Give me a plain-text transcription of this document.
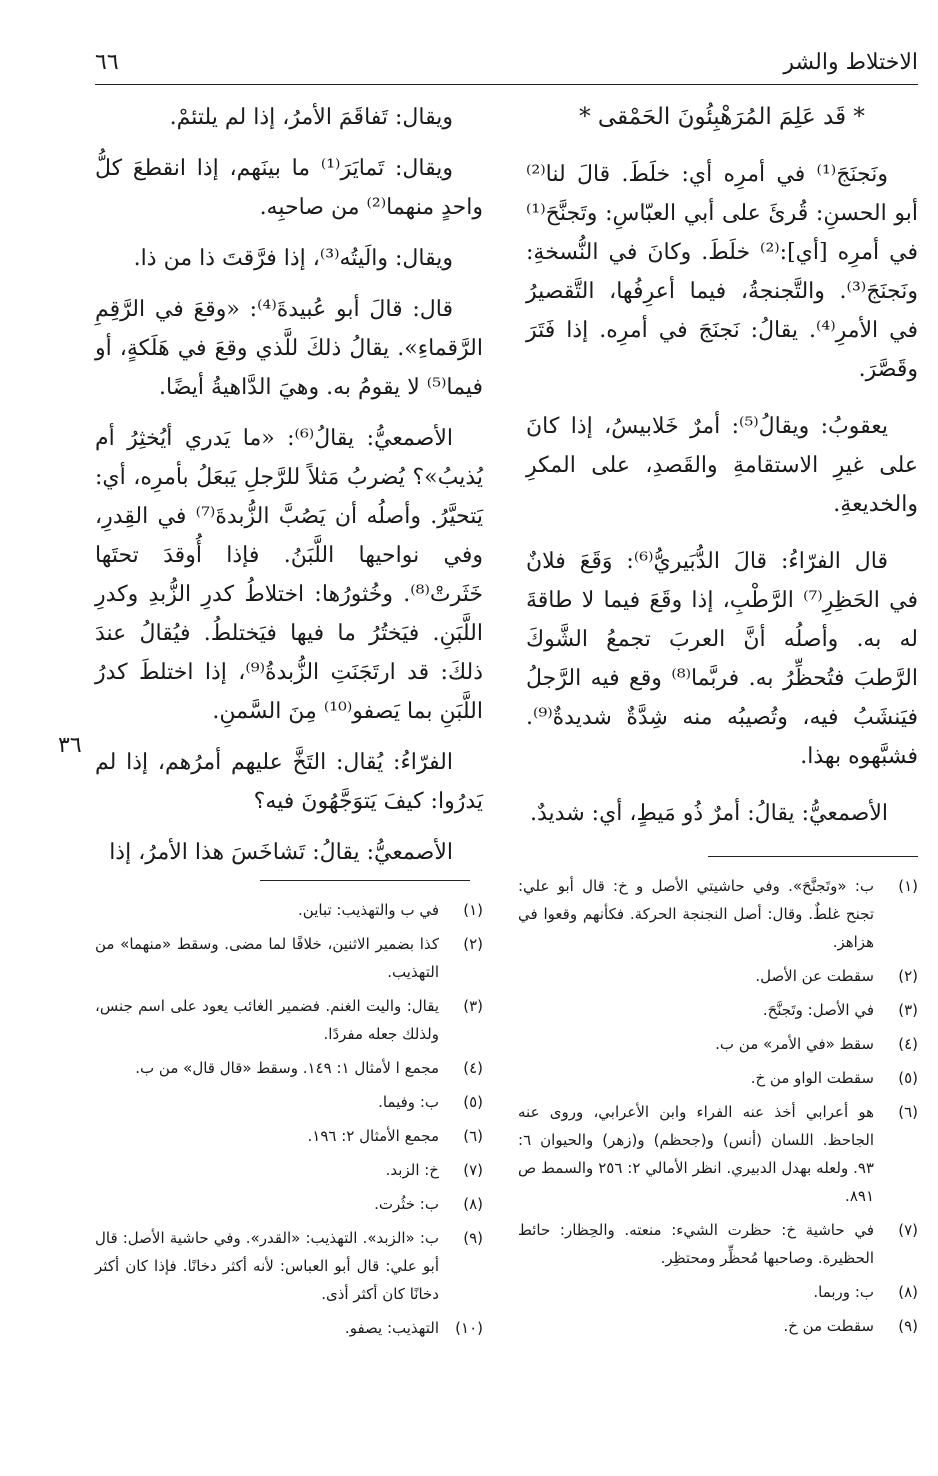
الاختلاط والشر
٦٦

* قَد عَلِمَ المُرَهْبِئُونَ الحَمْقى *

ونَجنَجَ⁽¹⁾ في أمرِه أي: خلَطَ. قالَ لنا⁽²⁾ أبو الحسنِ: قُرئَ على أبي العبّاسِ: وتَجنَّحَ⁽¹⁾ في أمرِه [أي]:⁽²⁾ خلَطَ. وكانَ في النُّسخةِ: ونَجنَجَ⁽³⁾. والتَّجنجةُ، فيما أعرِفُها، التَّقصيرُ في الأمرِ⁽⁴⁾. يقالُ: نَجنَجَ في أمرِه. إذا فَتَرَ وقَصَّرَ.

يعقوبُ: ويقالُ⁽⁵⁾: أمرٌ خَلابيسُ، إذا كانَ على غيرِ الاستقامةِ والقَصدِ، على المكرِ والخديعةِ.

قال الفرّاءُ: قالَ الدُّبَيريُّ⁽⁶⁾: وَقَعَ فلانٌ في الحَظِرِ⁽⁷⁾ الرَّطْبِ، إذا وقَعَ فيما لا طاقةَ له به. وأصلُه أنَّ العربَ تجمعُ الشَّوكَ الرَّطبَ فتُحظِّرُ به. فربَّما⁽⁸⁾ وقع فيه الرَّجلُ فيَنشَبُ فيه، وتُصيبُه منه شِدَّةٌ شديدةٌ⁽⁹⁾. فشبَّهوه بهذا.

الأصمعيُّ: يقالُ: أمرٌ ذُو مَيطٍ، أي: شديدٌ.

ويقال: تَفاقَمَ الأمرُ، إذا لم يلتئمْ.

ويقال: تَمايَرَ⁽¹⁾ ما بينَهم، إذا انقطعَ كلُّ واحدٍ منهما⁽²⁾ من صاحبِه.

ويقال: والَيتُه⁽³⁾، إذا فرَّقتَ ذا من ذا.

قال: قالَ أبو عُبيدةَ⁽⁴⁾: «وقعَ في الرَّقِمِ الرَّقماءِ». يقالُ ذلكَ للَّذي وقعَ في هَلَكةٍ، أو فيما⁽⁵⁾ لا يقومُ به. وهيَ الدَّاهيةُ أيضًا.

الأصمعيُّ: يقالُ⁽⁶⁾: «ما يَدري أيُخثِرُ أم يُذيبُ»؟ يُضربُ مَثلاً للرَّجلِ يَبعَلُ بأمرِه، أي: يَتحيَّرُ. وأصلُه أن يَصُبَّ الزُّبدةَ⁽⁷⁾ في القِدرِ، وفي نواحيها اللَّبَنُ. فإذا أُوقدَ تحتَها خَثَرتْ⁽⁸⁾. وخُثورُها: اختلاطُ كدرِ الزُّبدِ وكدرِ اللَّبَنِ. فيَختُرُ ما فيها فيَختلطُ. فيُقالُ عندَ ذلكَ: قد ارتَجَنَتِ الزُّبدةُ⁽⁹⁾، إذا اختلطَ كدرُ اللَّبَنِ بما يَصفو⁽¹⁰⁾ مِنَ السَّمنِ.

الفرّاءُ: يُقال: التَخَّ عليهم أمرُهم، إذا لم يَدرُوا: كيفَ يَتوَجَّهُونَ فيه؟

الأصمعيُّ: يقالُ: تَشاخَسَ هذا الأمرُ، إذا

٣٦
(١)
ب: «وتَجنَّحَ». وفي حاشيتي الأصل و خ: قال أبو علي: تجنح غلطٌ. وقال: أصل النجنجة الحركة. فكأنهم وقعوا في هزاهز.
(٢)
سقطت عن الأصل.
(٣)
في الأصل: وتَجنَّحَ.
(٤)
سقط «في الأمر» من ب.
(٥)
سقطت الواو من خ.
(٦)
هو أعرابي أخذ عنه الفراء وابن الأعرابي، وروى عنه الجاحظ. اللسان (أنس) و(جحظم) و(زهر) والحيوان ٦: ٩٣. ولعله بهدل الدبيري. انظر الأمالي ٢: ٢٥٦ والسمط ص ٨٩١.
(٧)
في حاشية خ: حظرت الشيء: منعته. والحِظار: حائط الحظيرة. وصاحبها مُحظِّر ومحتظِر.
(٨)
ب: وربما.
(٩)
سقطت من خ.
(١)
في ب والتهذيب: تباين.
(٢)
كذا بضمير الاثنين، خلافًا لما مضى. وسقط «منهما» من التهذيب.
(٣)
يقال: واليت الغنم. فضمير الغائب يعود على اسم جنس، ولذلك جعله مفردًا.
(٤)
مجمع ا لأمثال ١: ١٤٩. وسقط «قال قال» من ب.
(٥)
ب: وفيما.
(٦)
مجمع الأمثال ٢: ١٩٦.
(٧)
خ: الزبد.
(٨)
ب: خثُرت.
(٩)
ب: «الزبد». التهذيب: «القدر». وفي حاشية الأصل: قال أبو علي: قال أبو العباس: لأنه أكثر دخانًا. فإذا كان أكثر دخانًا كان أكثر أذى.
(١٠)
التهذيب: يصفو.
